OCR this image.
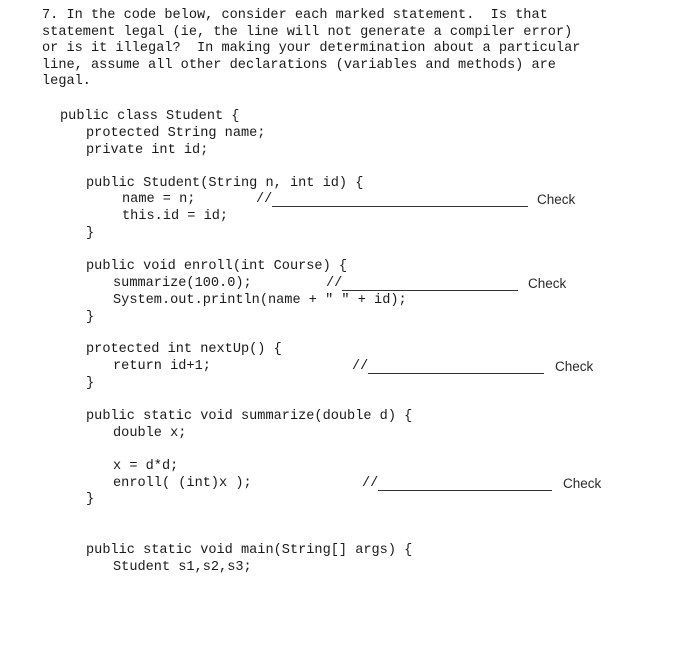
7. In the code below, consider each marked statement.  Is that
statement legal (ie, the line will not generate a compiler error)
or is it illegal?  In making your determination about a particular
line, assume all other declarations (variables and methods) are
legal.
public class Student {
protected String name;
private int id;
public Student(String n, int id) {
name = n;	//	Check
this.id = id;
}
public void enroll(int Course) {
summarize(100.0);	//	Check
System.out.println(name + " " + id);
}
protected int nextUp() {
return id+1;	//	Check
}
public static void summarize(double d) {
double x;
x = d*d;
enroll( (int)x );	//	Check
}
public static void main(String[] args) {
Student s1,s2,s3;
